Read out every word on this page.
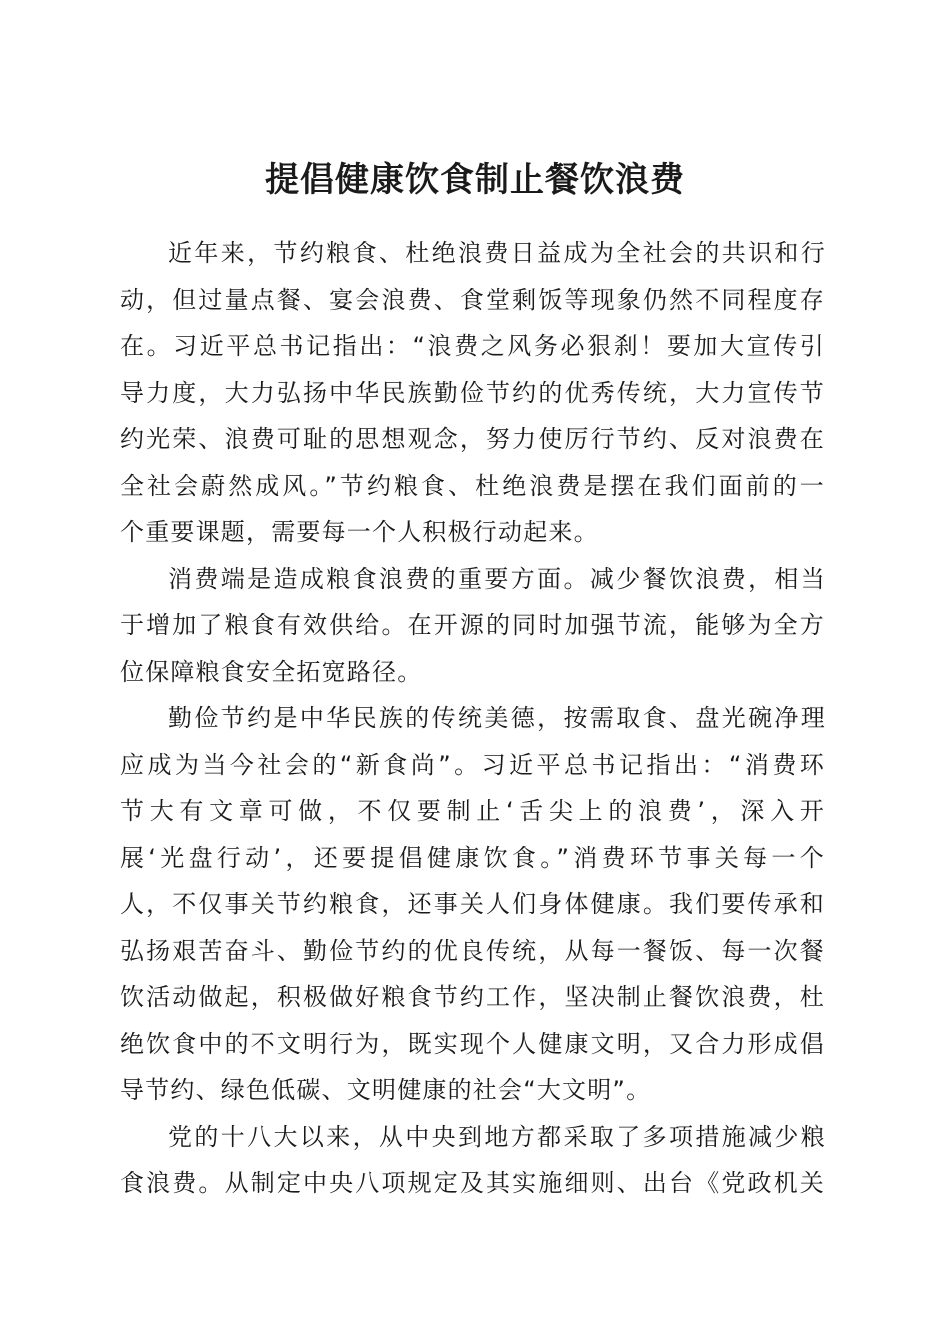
提倡健康饮食制止餐饮浪费
近年来，节约粮食、杜绝浪费日益成为全社会的共识和行
动，但过量点餐、宴会浪费、食堂剩饭等现象仍然不同程度存
在。习近平总书记指出：“浪费之风务必狠刹！要加大宣传引
导力度，大力弘扬中华民族勤俭节约的优秀传统，大力宣传节
约光荣、浪费可耻的思想观念，努力使厉行节约、反对浪费在
全社会蔚然成风。”节约粮食、杜绝浪费是摆在我们面前的一
个重要课题，需要每一个人积极行动起来。
消费端是造成粮食浪费的重要方面。减少餐饮浪费，相当
于增加了粮食有效供给。在开源的同时加强节流，能够为全方
位保障粮食安全拓宽路径。
勤俭节约是中华民族的传统美德，按需取食、盘光碗净理
应成为当今社会的“新食尚”。习近平总书记指出：“消费环
节大有文章可做，不仅要制止‘舌尖上的浪费’，深入开
展‘光盘行动’，还要提倡健康饮食。”消费环节事关每一个
人，不仅事关节约粮食，还事关人们身体健康。我们要传承和
弘扬艰苦奋斗、勤俭节约的优良传统，从每一餐饭、每一次餐
饮活动做起，积极做好粮食节约工作，坚决制止餐饮浪费，杜
绝饮食中的不文明行为，既实现个人健康文明，又合力形成倡
导节约、绿色低碳、文明健康的社会“大文明”。
党的十八大以来，从中央到地方都采取了多项措施减少粮
食浪费。从制定中央八项规定及其实施细则、出台《党政机关
